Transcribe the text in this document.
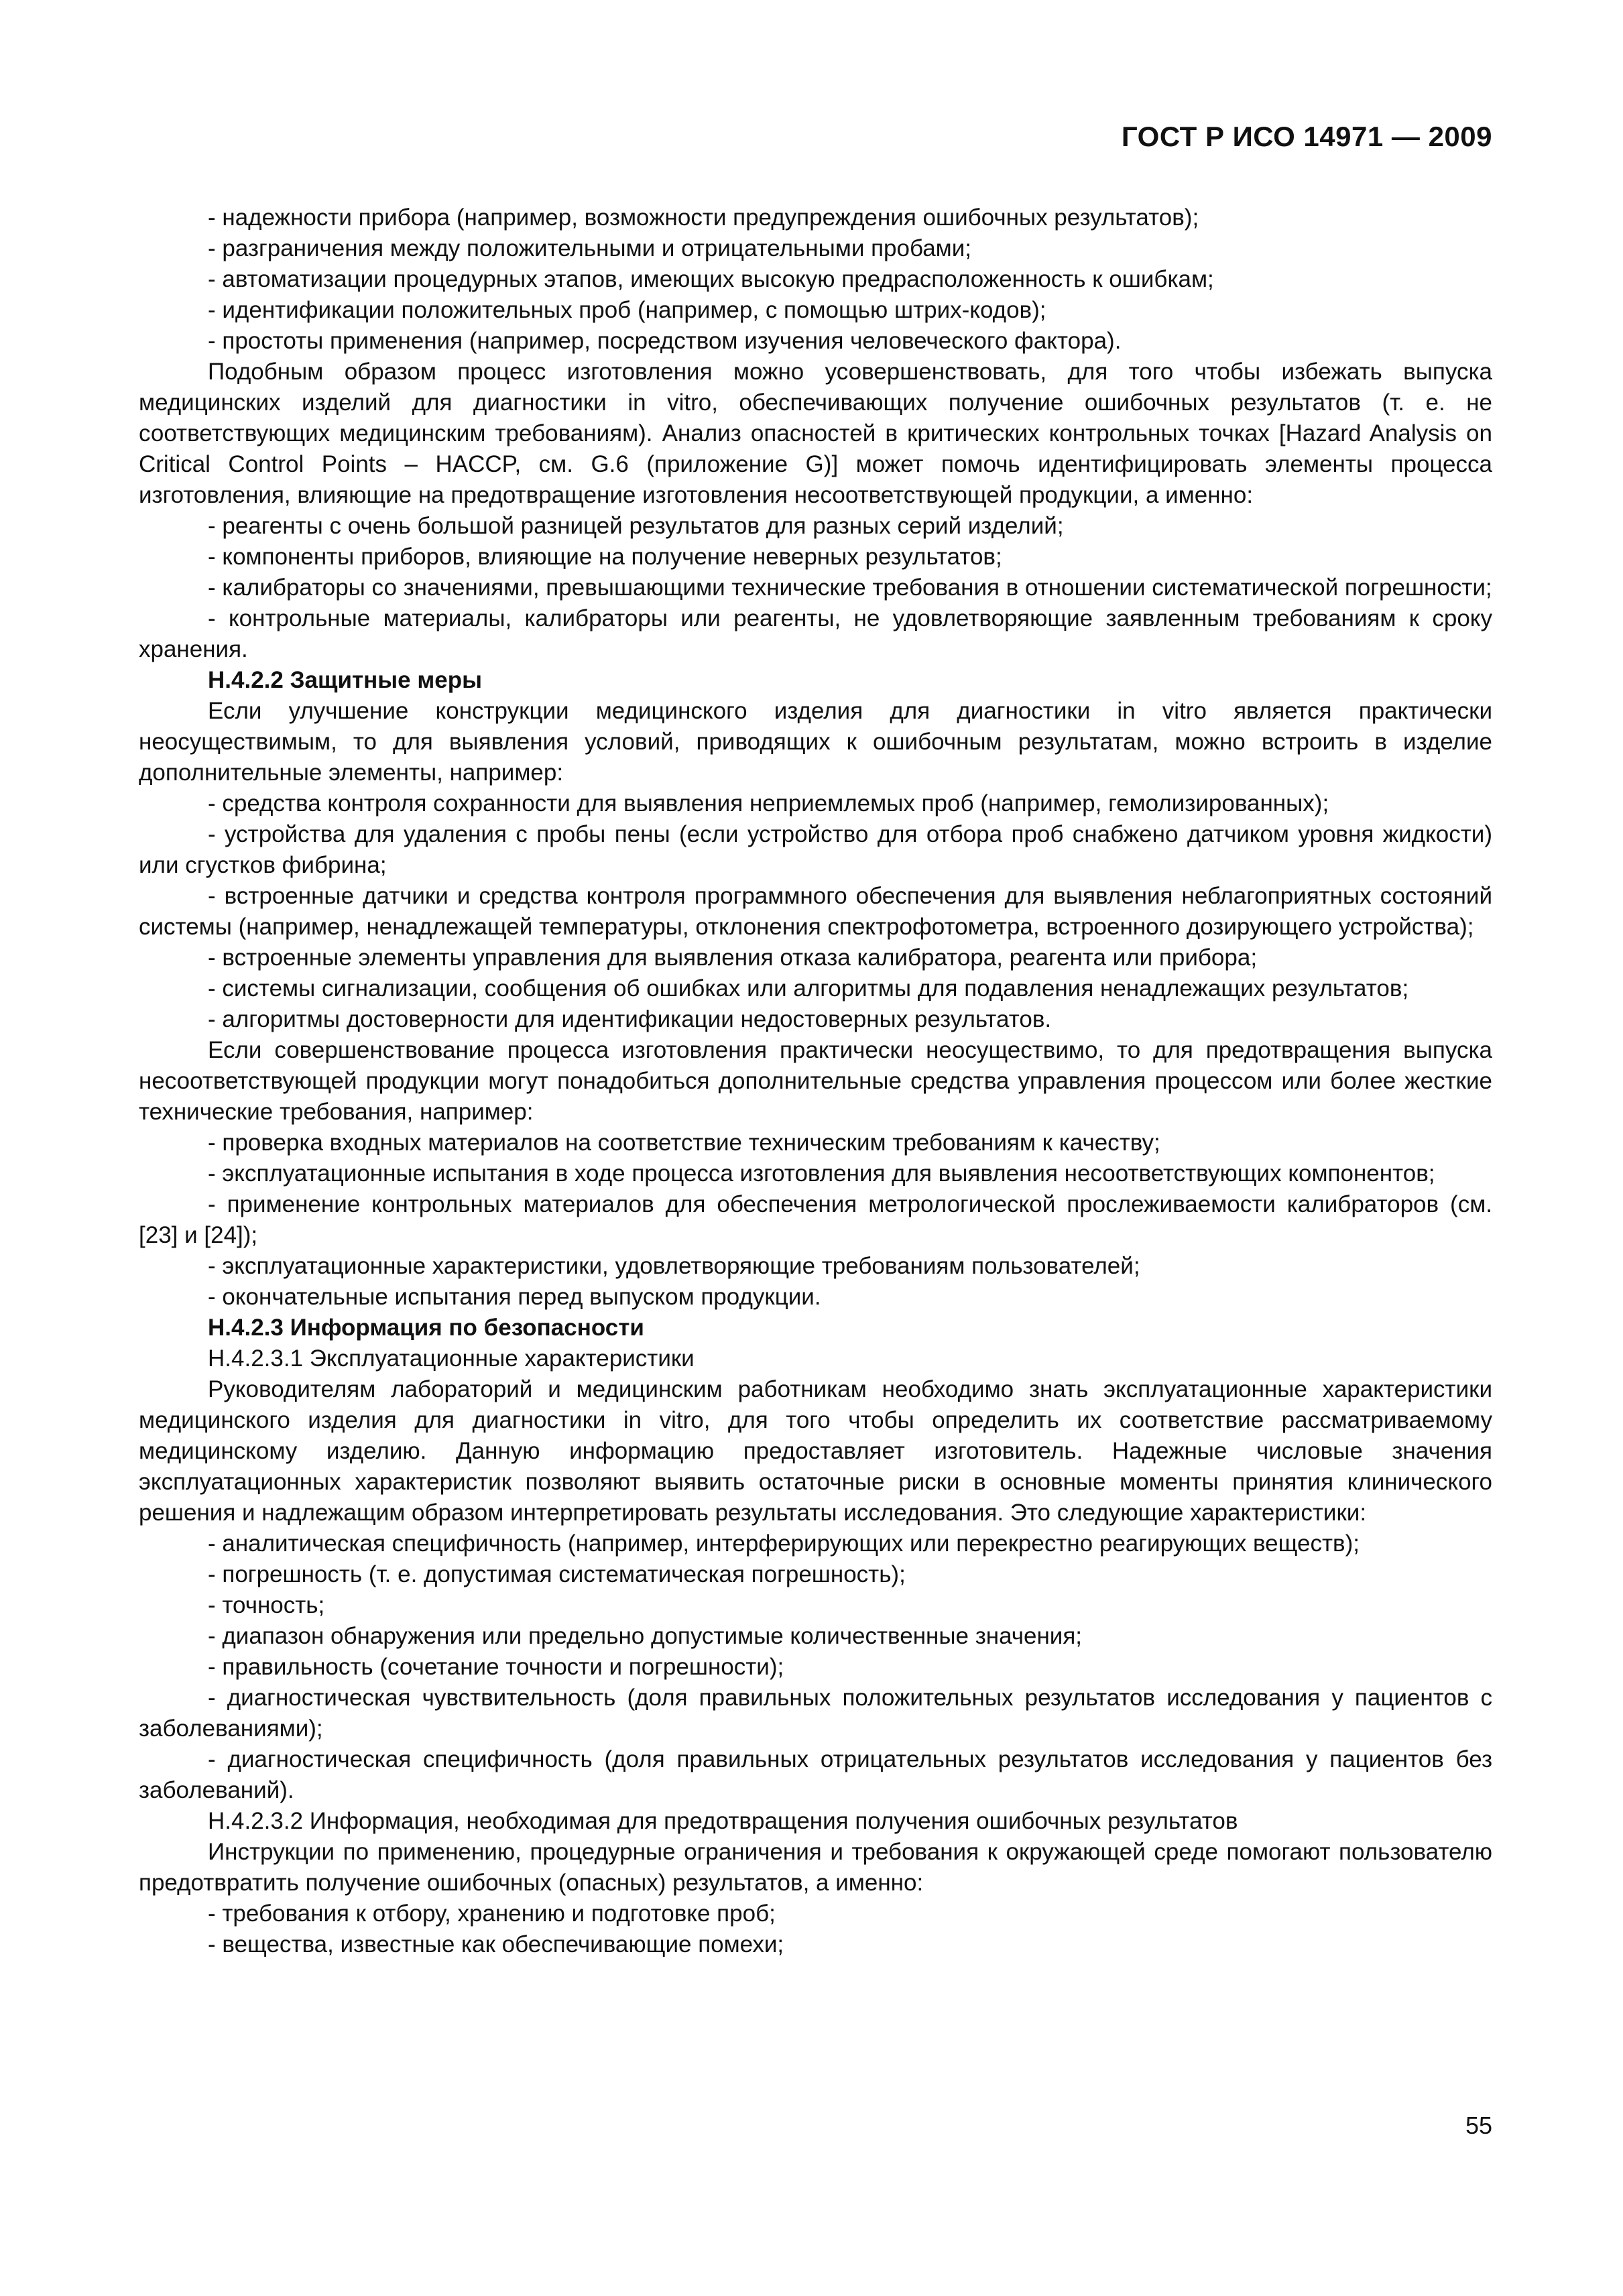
ГОСТ Р ИСО 14971 — 2009

- надежности прибора (например, возможности предупреждения ошибочных результатов);

- разграничения между положительными и отрицательными пробами;

- автоматизации процедурных этапов, имеющих высокую предрасположенность к ошибкам;

- идентификации положительных проб (например, с помощью штрих-кодов);

- простоты применения (например, посредством изучения человеческого фактора).

Подобным образом процесс изготовления можно усовершенствовать, для того чтобы избежать выпуска медицинских изделий для диагностики in vitro, обеспечивающих получение ошибочных результатов (т. е. не соответствующих медицинским требованиям). Анализ опасностей в критических контрольных точках [Hazard Analysis on Critical Control Points – HACCP, см. G.6 (приложение G)] может помочь идентифицировать элементы процесса изготовления, влияющие на предотвращение изготовления несоответствующей продукции, а именно:

- реагенты с очень большой разницей результатов для разных серий изделий;

- компоненты приборов, влияющие на получение неверных результатов;

- калибраторы со значениями, превышающими технические требования в отношении систематической погрешности;

- контрольные материалы, калибраторы или реагенты, не удовлетворяющие заявленным требованиям к сроку хранения.

Н.4.2.2 Защитные меры

Если улучшение конструкции медицинского изделия для диагностики in vitro является практически неосуществимым, то для выявления условий, приводящих к ошибочным результатам, можно встроить в изделие дополнительные элементы, например:

- средства контроля сохранности для выявления неприемлемых проб (например, гемолизированных);

- устройства для удаления с пробы пены (если устройство для отбора проб снабжено датчиком уровня жидкости) или сгустков фибрина;

- встроенные датчики и средства контроля программного обеспечения для выявления неблагоприятных состояний системы (например, ненадлежащей температуры, отклонения спектрофотометра, встроенного дозирующего устройства);

- встроенные элементы управления для выявления отказа калибратора, реагента или прибора;

- системы сигнализации, сообщения об ошибках или алгоритмы для подавления ненадлежащих результатов;

- алгоритмы достоверности для идентификации недостоверных результатов.

Если совершенствование процесса изготовления практически неосуществимо, то для предотвращения выпуска несоответствующей продукции могут понадобиться дополнительные средства управления процессом или более жесткие технические требования, например:

- проверка входных материалов на соответствие техническим требованиям к качеству;

- эксплуатационные испытания в ходе процесса изготовления для выявления несоответствующих компонентов;

- применение контрольных материалов для обеспечения метрологической прослеживаемости калибраторов (см. [23] и [24]);

- эксплуатационные характеристики, удовлетворяющие требованиям пользователей;

- окончательные испытания перед выпуском продукции.

Н.4.2.3 Информация по безопасности

Н.4.2.3.1 Эксплуатационные характеристики

Руководителям лабораторий и медицинским работникам необходимо знать эксплуатационные характеристики медицинского изделия для диагностики in vitro, для того чтобы определить их соответствие рассматриваемому медицинскому изделию. Данную информацию предоставляет изготовитель. Надежные числовые значения эксплуатационных характеристик позволяют выявить остаточные риски в основные моменты принятия клинического решения и надлежащим образом интерпретировать результаты исследования. Это следующие характеристики:

- аналитическая специфичность (например, интерферирующих или перекрестно реагирующих веществ);

- погрешность (т. е. допустимая систематическая погрешность);

- точность;

- диапазон обнаружения или предельно допустимые количественные значения;

- правильность (сочетание точности и погрешности);

- диагностическая чувствительность (доля правильных положительных результатов исследования у пациентов с заболеваниями);

- диагностическая специфичность (доля правильных отрицательных результатов исследования у пациентов без заболеваний).

Н.4.2.3.2 Информация, необходимая для предотвращения получения ошибочных результатов

Инструкции по применению, процедурные ограничения и требования к окружающей среде помогают пользователю предотвратить получение ошибочных (опасных) результатов, а именно:

- требования к отбору, хранению и подготовке проб;

- вещества, известные как обеспечивающие помехи;

55
